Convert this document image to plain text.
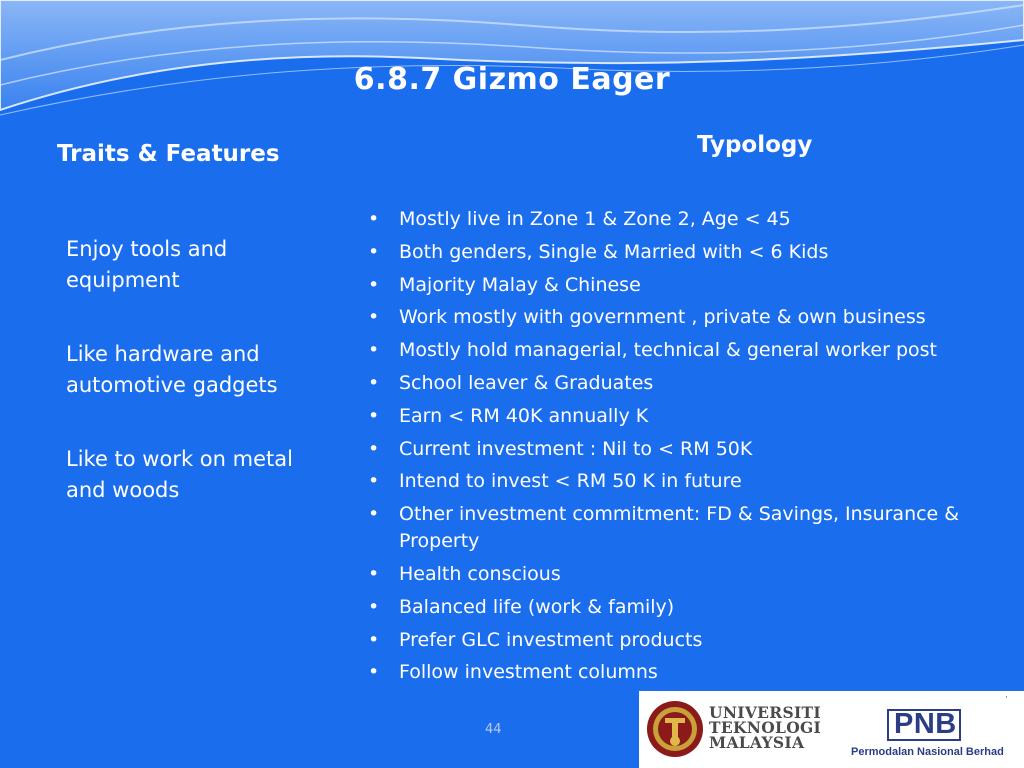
6.8.7 Gizmo Eager
Traits & Features	Typology
Enjoy tools and equipment
Like hardware and automotive gadgets
Like to work on metal and woods
• Mostly live in Zone 1 & Zone 2, Age < 45
• Both genders, Single & Married with < 6 Kids
• Majority Malay & Chinese
• Work mostly with government , private & own business
• Mostly hold managerial, technical & general worker post
• School leaver & Graduates
• Earn < RM 40K annually K
• Current investment : Nil to < RM 50K
• Intend to invest < RM 50 K in future
• Other investment commitment: FD & Savings, Insurance & Property
• Health conscious
• Balanced life (work & family)
• Prefer GLC investment products
• Follow investment columns
44
UNIVERSITI
TEKNOLOGI
MALAYSIA
PNB
Permodalan Nasional Berhad
·
